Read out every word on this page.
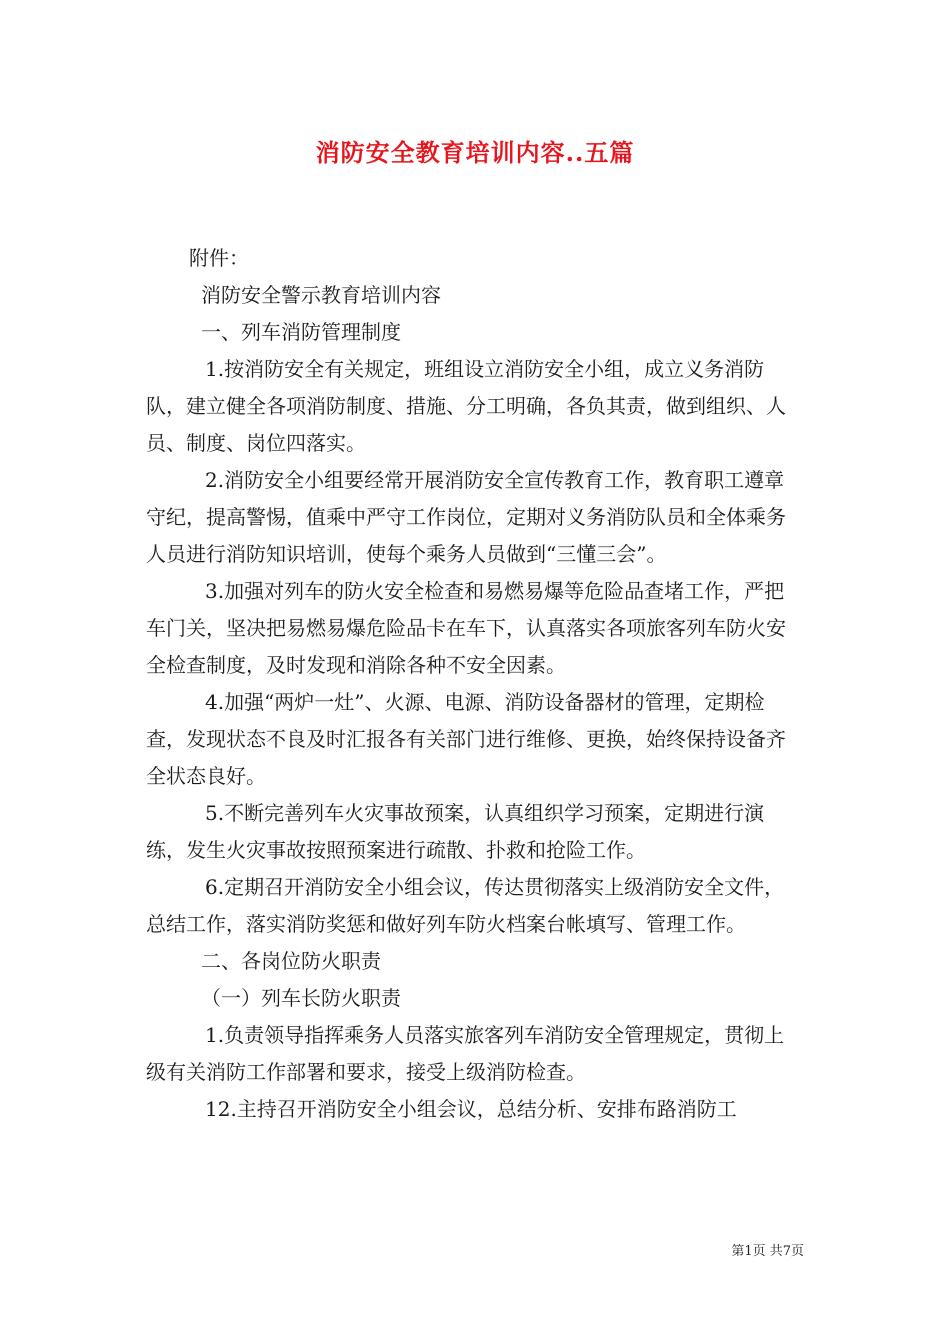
消防安全教育培训内容..五篇

附件：

消防安全警示教育培训内容

一、列车消防管理制度

1.按消防安全有关规定，班组设立消防安全小组，成立义务消防队，建立健全各项消防制度、措施、分工明确，各负其责，做到组织、人员、制度、岗位四落实。

2.消防安全小组要经常开展消防安全宣传教育工作，教育职工遵章守纪，提高警惕，值乘中严守工作岗位，定期对义务消防队员和全体乘务人员进行消防知识培训，使每个乘务人员做到“三懂三会”。

3.加强对列车的防火安全检查和易燃易爆等危险品查堵工作，严把车门关，坚决把易燃易爆危险品卡在车下，认真落实各项旅客列车防火安全检查制度，及时发现和消除各种不安全因素。

4.加强“两炉一灶”、火源、电源、消防设备器材的管理，定期检查，发现状态不良及时汇报各有关部门进行维修、更换，始终保持设备齐全状态良好。

5.不断完善列车火灾事故预案，认真组织学习预案，定期进行演练，发生火灾事故按照预案进行疏散、扑救和抢险工作。

6.定期召开消防安全小组会议，传达贯彻落实上级消防安全文件，总结工作，落实消防奖惩和做好列车防火档案台帐填写、管理工作。

二、各岗位防火职责

（一）列车长防火职责

1.负责领导指挥乘务人员落实旅客列车消防安全管理规定，贯彻上级有关消防工作部署和要求，接受上级消防检查。

12.主持召开消防安全小组会议，总结分析、安排布路消防工

第1页 共7页
